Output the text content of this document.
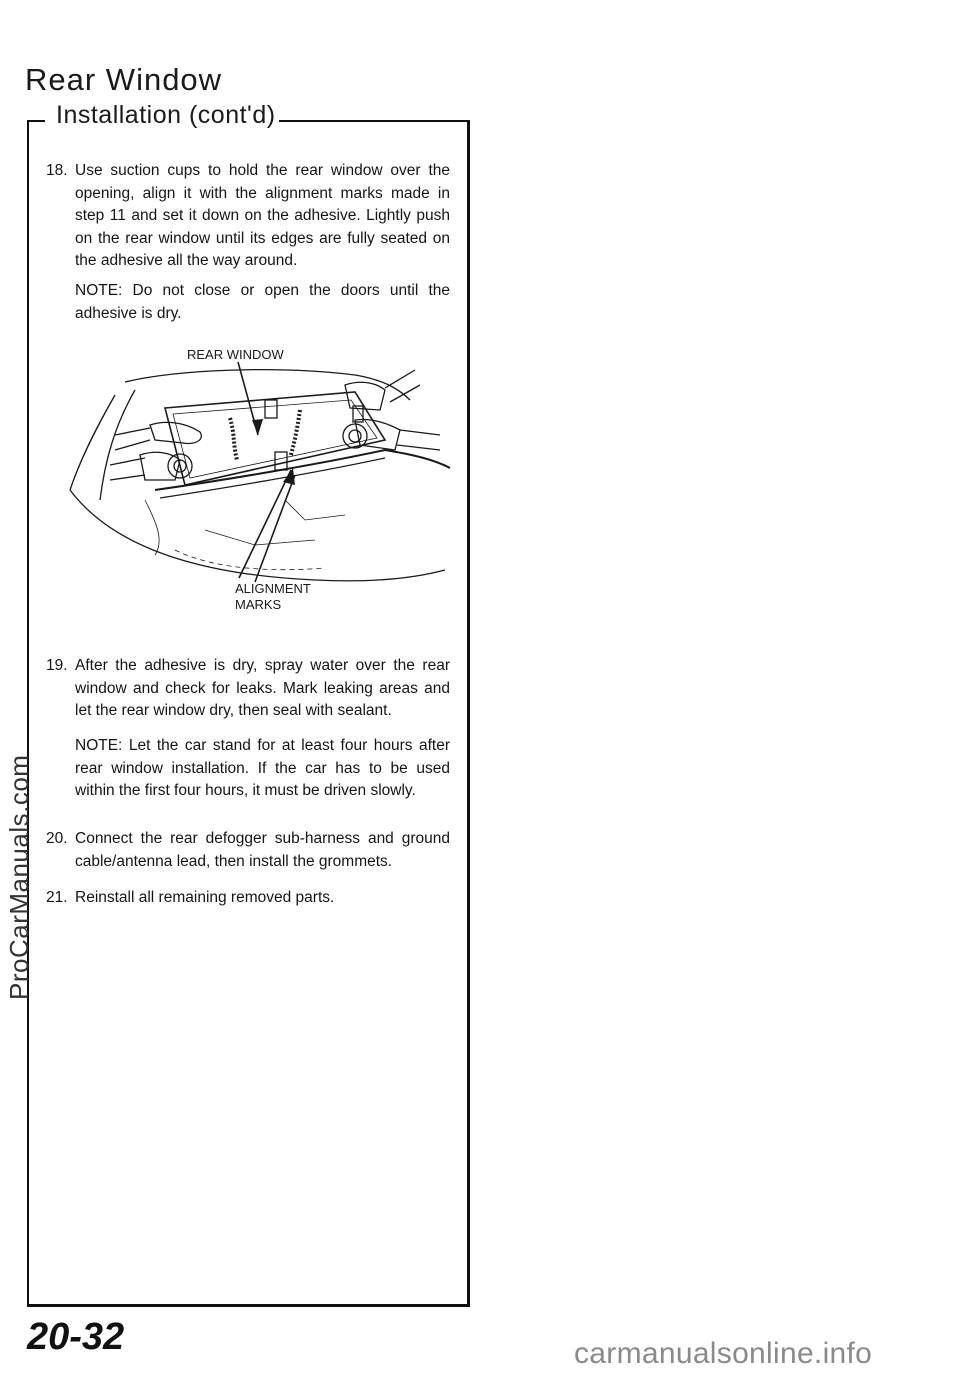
Rear Window
Installation (cont'd)
18. Use suction cups to hold the rear window over the opening, align it with the alignment marks made in step 11 and set it down on the adhesive. Lightly push on the rear window until its edges are fully seated on the adhesive all the way around.
NOTE: Do not close or open the doors until the adhesive is dry.
REAR WINDOW
ALIGNMENT
MARKS
19. After the adhesive is dry, spray water over the rear window and check for leaks. Mark leaking areas and let the rear window dry, then seal with sealant.
NOTE: Let the car stand for at least four hours after rear window installation. If the car has to be used within the first four hours, it must be driven slowly.
20. Connect the rear defogger sub-harness and ground cable/antenna lead, then install the grommets.
21. Reinstall all remaining removed parts.
ProCarManuals.com
20-32	carmanualsonline.info
